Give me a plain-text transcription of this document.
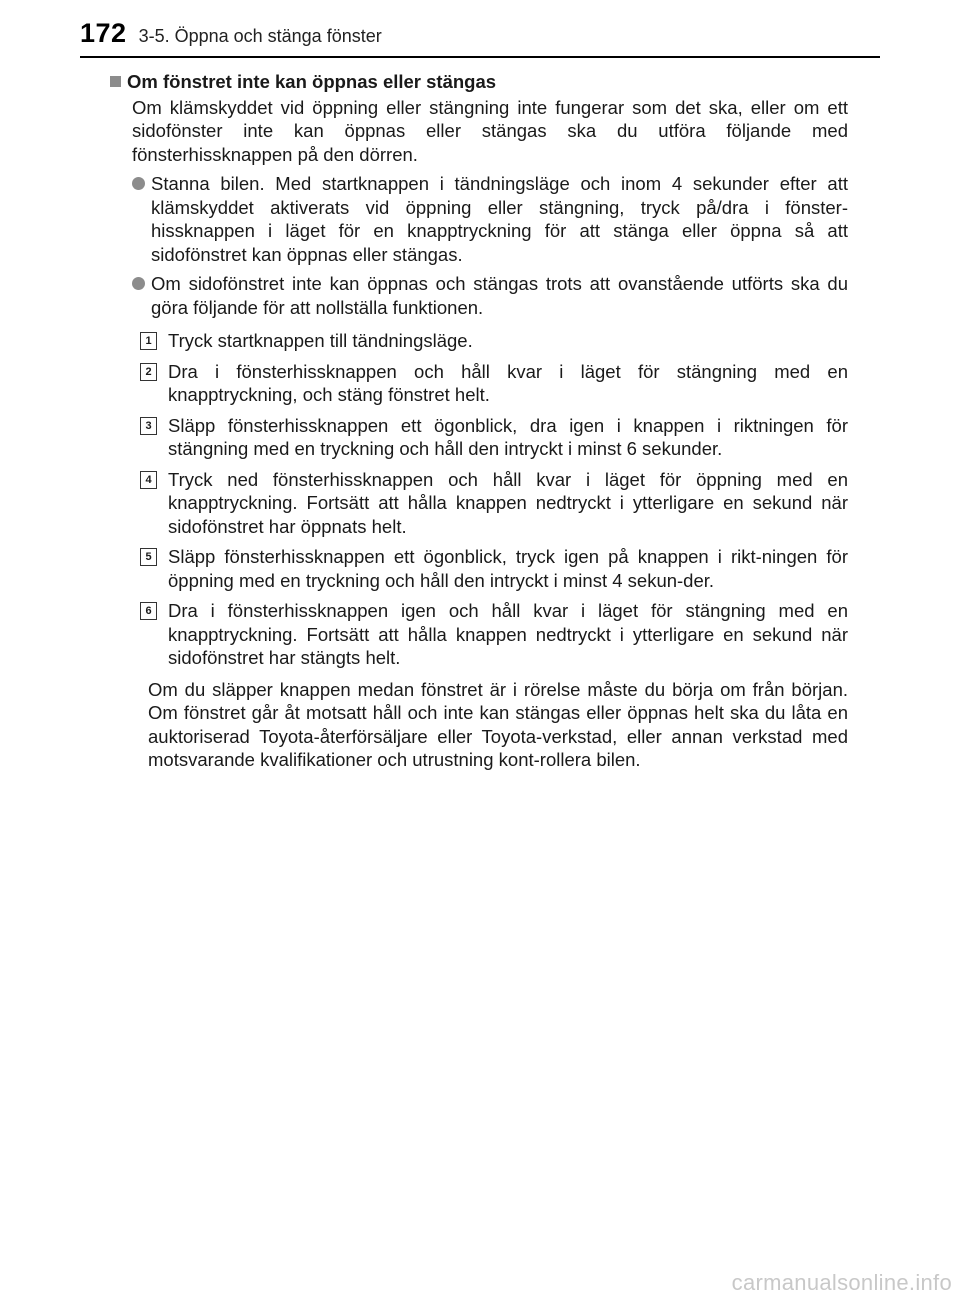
172 3-5. Öppna och stänga fönster
Om fönstret inte kan öppnas eller stängas
Om klämskyddet vid öppning eller stängning inte fungerar som det ska, eller om ett sidofönster inte kan öppnas eller stängas ska du utföra följande med fönsterhissknappen på den dörren.
Stanna bilen. Med startknappen i tändningsläge och inom 4 sekunder efter att klämskyddet aktiverats vid öppning eller stängning, tryck på/dra i fönster-hissknappen i läget för en knapptryckning för att stänga eller öppna så att sidofönstret kan öppnas eller stängas.
Om sidofönstret inte kan öppnas och stängas trots att ovanstående utförts ska du göra följande för att nollställa funktionen.
1 Tryck startknappen till tändningsläge.
2 Dra i fönsterhissknappen och håll kvar i läget för stängning med en knapptryckning, och stäng fönstret helt.
3 Släpp fönsterhissknappen ett ögonblick, dra igen i knappen i riktningen för stängning med en tryckning och håll den intryckt i minst 6 sekunder.
4 Tryck ned fönsterhissknappen och håll kvar i läget för öppning med en knapptryckning. Fortsätt att hålla knappen nedtryckt i ytterligare en sekund när sidofönstret har öppnats helt.
5 Släpp fönsterhissknappen ett ögonblick, tryck igen på knappen i rikt-ningen för öppning med en tryckning och håll den intryckt i minst 4 sekun-der.
6 Dra i fönsterhissknappen igen och håll kvar i läget för stängning med en knapptryckning. Fortsätt att hålla knappen nedtryckt i ytterligare en sekund när sidofönstret har stängts helt.
Om du släpper knappen medan fönstret är i rörelse måste du börja om från början. Om fönstret går åt motsatt håll och inte kan stängas eller öppnas helt ska du låta en auktoriserad Toyota-återförsäljare eller Toyota-verkstad, eller annan verkstad med motsvarande kvalifikationer och utrustning kont-rollera bilen.
carmanualsonline.info
